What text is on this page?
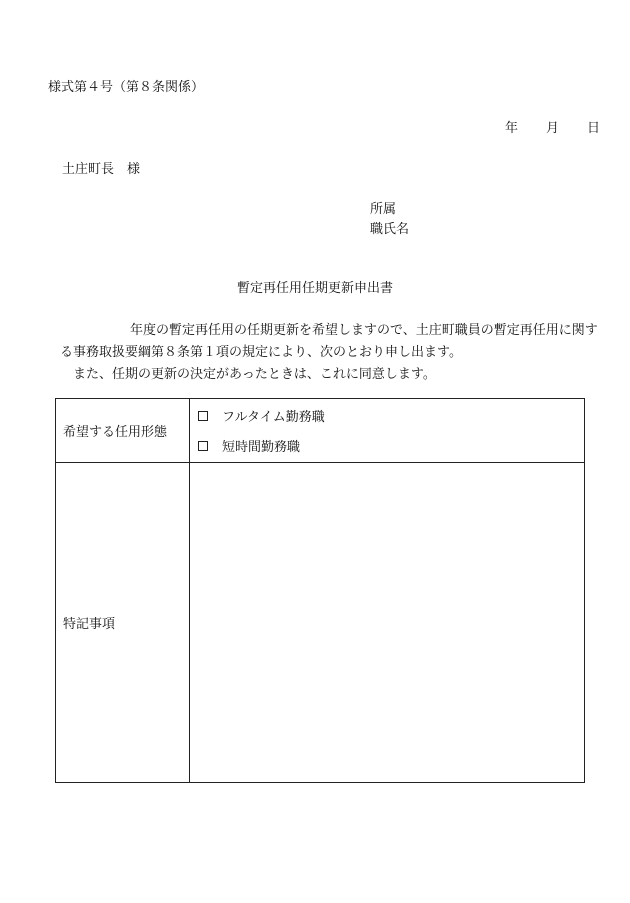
様式第４号（第８条関係）
年 月 日
土庄町長　様
所属
職氏名
暫定再任用任期更新申出書

年度の暫定再任用の任期更新を希望しますので、土庄町職員の暫定再任用に関する事務取扱要綱第８条第１項の規定により、次のとおり申し出ます。

また、任期の更新の決定があったときは、これに同意します。

希望する任用形態	フルタイム勤務職
短時間勤務職

特記事項	
